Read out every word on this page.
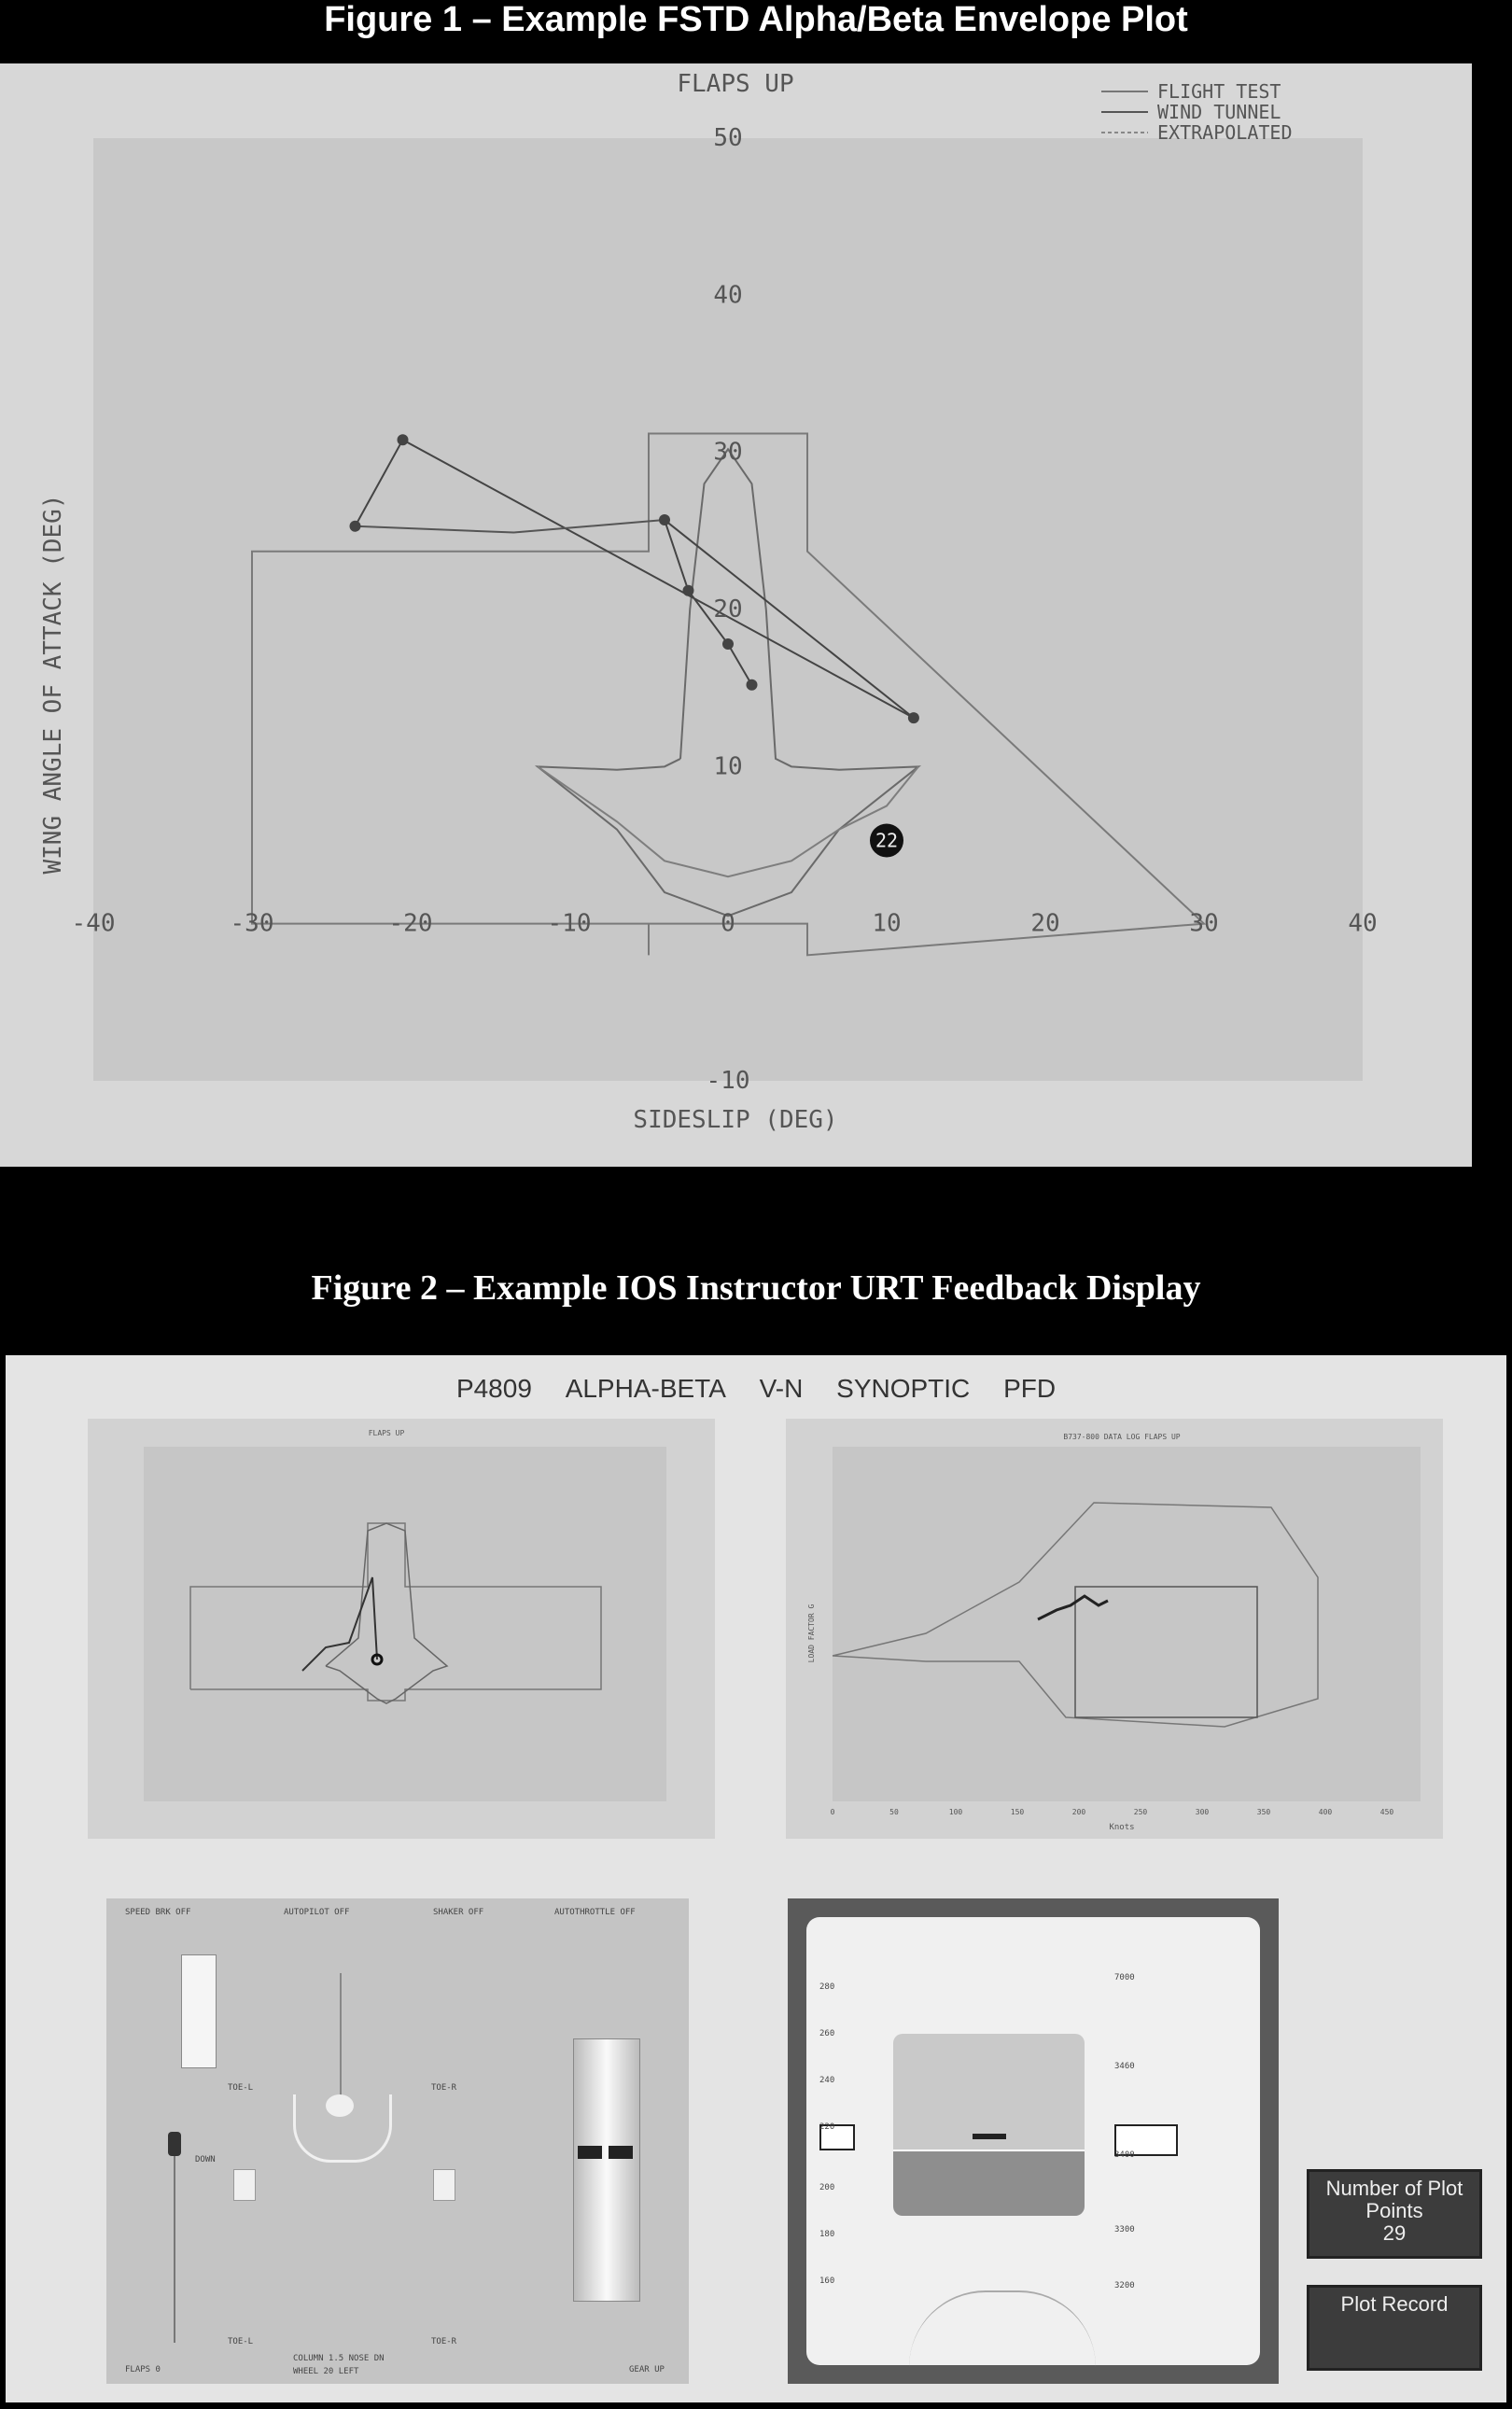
Figure 1 – Example FSTD Alpha/Beta Envelope Plot
22
-40	-30	-20	-10	0	10	20	30	40
-10
10
20
30
40
50
FLAPS UP
SIDESLIP (DEG)
WING ANGLE OF ATTACK (DEG)
FLIGHT TEST
WIND TUNNEL
EXTRAPOLATED
Figure 2 – Example IOS Instructor URT Feedback Display
P4809 ALPHA-BETA V-N SYNOPTIC PFD
FLAPS UP	B737-800 DATA LOG FLAPS UP
Knots
LOAD FACTOR G
0	50	100	150	200	250	300	350	400	450
SPEED BRK OFF	AUTOPILOT OFF	SHAKER OFF	AUTOTHROTTLE OFF
DOWN
TOE-L	TOE-R
TOE-L	TOE-R
FLAPS 0
COLUMN 1.5 NOSE DN
WHEEL 20 LEFT	GEAR UP
280
260
240
220
200
180
160
7000
3460
3400
3300
3200
Number of Plot Points
29
Plot Record
